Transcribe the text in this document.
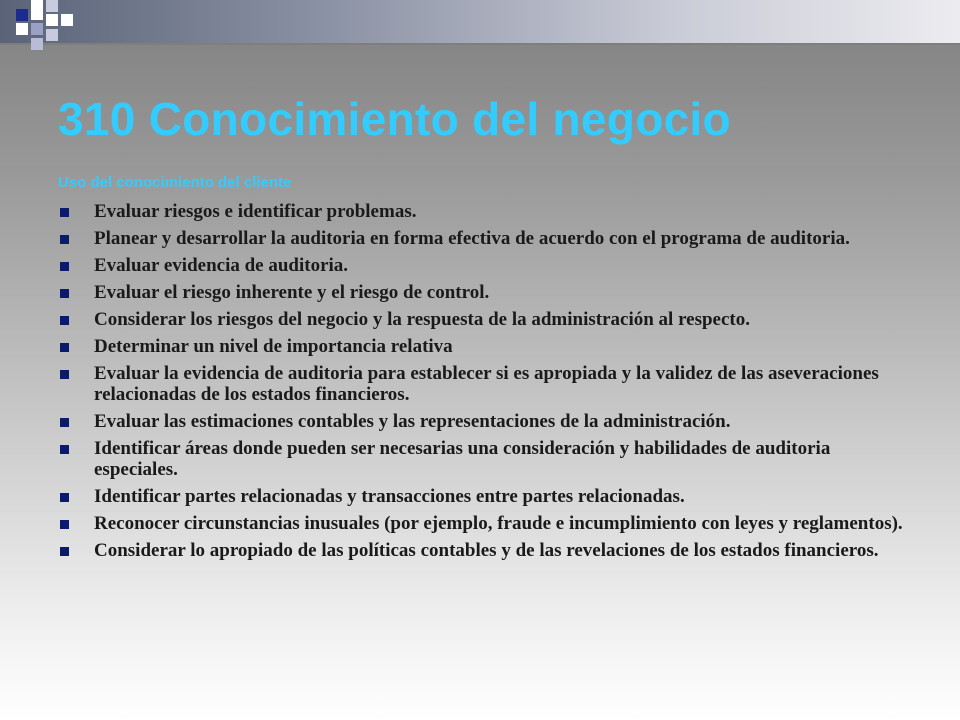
310 Conocimiento del negocio
Uso del conocimiento del cliente
Evaluar riesgos e identificar problemas.
Planear y desarrollar la auditoria en forma efectiva de acuerdo con el programa de auditoria.
Evaluar evidencia de auditoria.
Evaluar el riesgo inherente y el riesgo de control.
Considerar los riesgos del negocio y la respuesta de la administración al respecto.
Determinar un nivel de importancia relativa
Evaluar la evidencia de auditoria para establecer si es apropiada y la validez de las aseveraciones relacionadas de los estados financieros.
Evaluar las estimaciones contables y las representaciones de la administración.
Identificar áreas donde pueden ser necesarias una consideración y habilidades de auditoria especiales.
Identificar partes relacionadas y transacciones entre partes relacionadas.
Reconocer circunstancias inusuales (por ejemplo, fraude e incumplimiento con leyes y reglamentos).
Considerar lo apropiado de las políticas contables y de las revelaciones de los estados financieros.
